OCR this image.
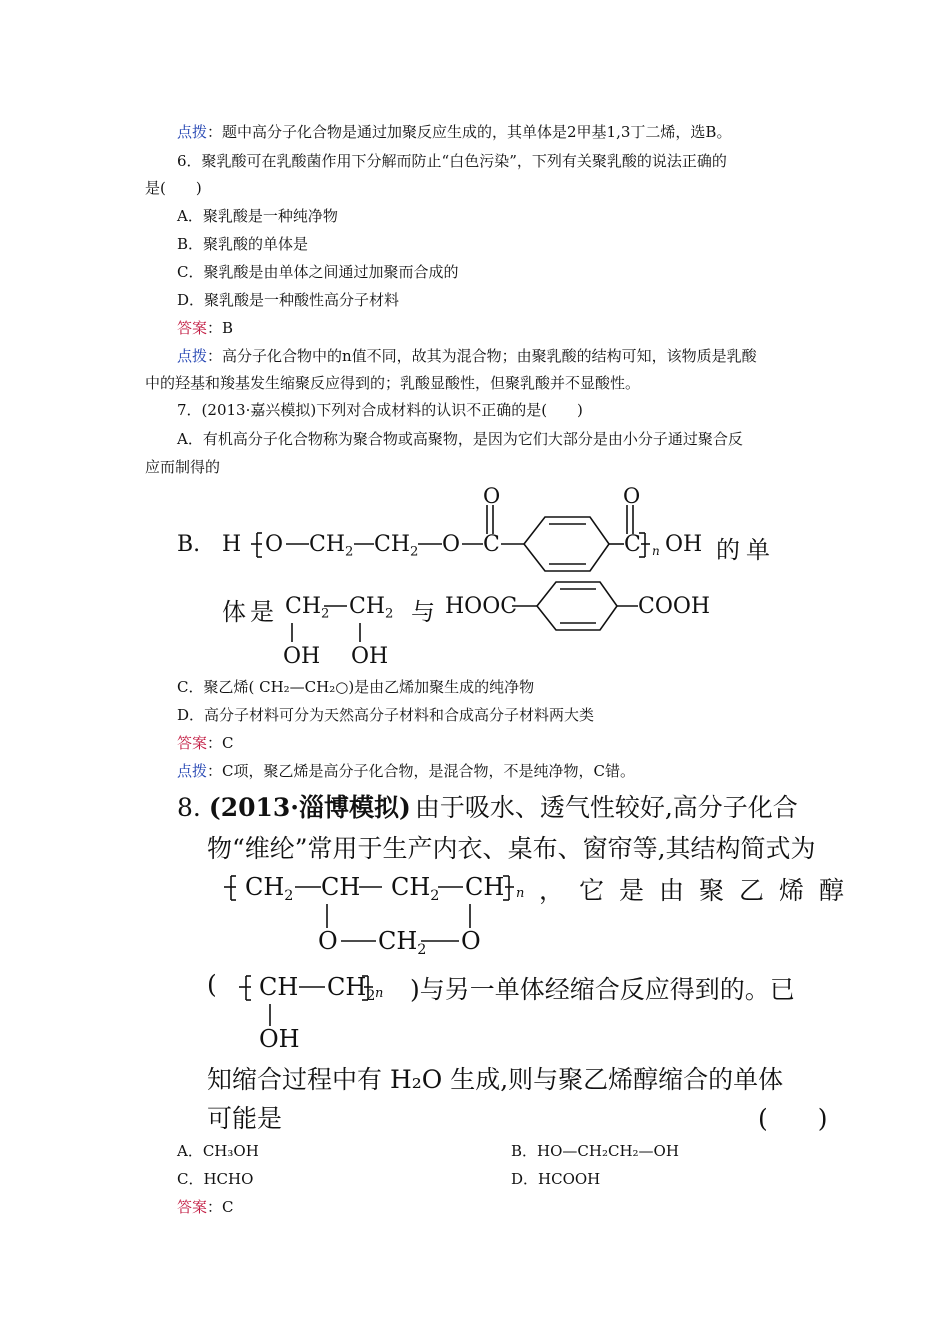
点拨：题中高分子化合物是通过加聚反应生成的，其单体是2甲基1,3丁二烯，选B。
6．聚乳酸可在乳酸菌作用下分解而防止“白色污染”，下列有关聚乳酸的说法正确的
是(　　)
A．聚乳酸是一种纯净物
B．聚乳酸的单体是
C．聚乳酸是由单体之间通过加聚而合成的
D．聚乳酸是一种酸性高分子材料
答案：B
点拨：高分子化合物中的n值不同，故其为混合物；由聚乳酸的结构可知，该物质是乳酸
中的羟基和羧基发生缩聚反应得到的；乳酸显酸性，但聚乳酸并不显酸性。
7．(2013·嘉兴模拟)下列对合成材料的认识不正确的是(　　)
A．有机高分子化合物称为聚合物或高聚物，是因为它们大部分是由小分子通过聚合反
应而制得的
O	O
B. H O $CH_2$ $CH_2$ O C	C n OH 的单
体是 $CH_2$ $CH_2$ 与 HOOC	COOH
OH OH
C．聚乙烯( CH₂—CH₂○)是由乙烯加聚生成的纯净物
D．高分子材料可分为天然高分子材料和合成高分子材料两大类
答案：C
点拨：C项，聚乙烯是高分子化合物，是混合物，不是纯净物，C错。
8. (2013·淄博模拟) 由于吸水、透气性较好,高分子化合
物“维纶”常用于生产内衣、桌布、窗帘等,其结构简式为
$CH_2$ CH $CH_2$ CH n ，它是由聚乙烯醇
O $CH_2$ O
( CH $CH_2$ n )与另一单体经缩合反应得到的。已
OH
知缩合过程中有 H₂O 生成,则与聚乙烯醇缩合的单体
可能是	(　　)
A．CH₃OH	B．HO—CH₂CH₂—OH
C．HCHO	D．HCOOH
答案：C
